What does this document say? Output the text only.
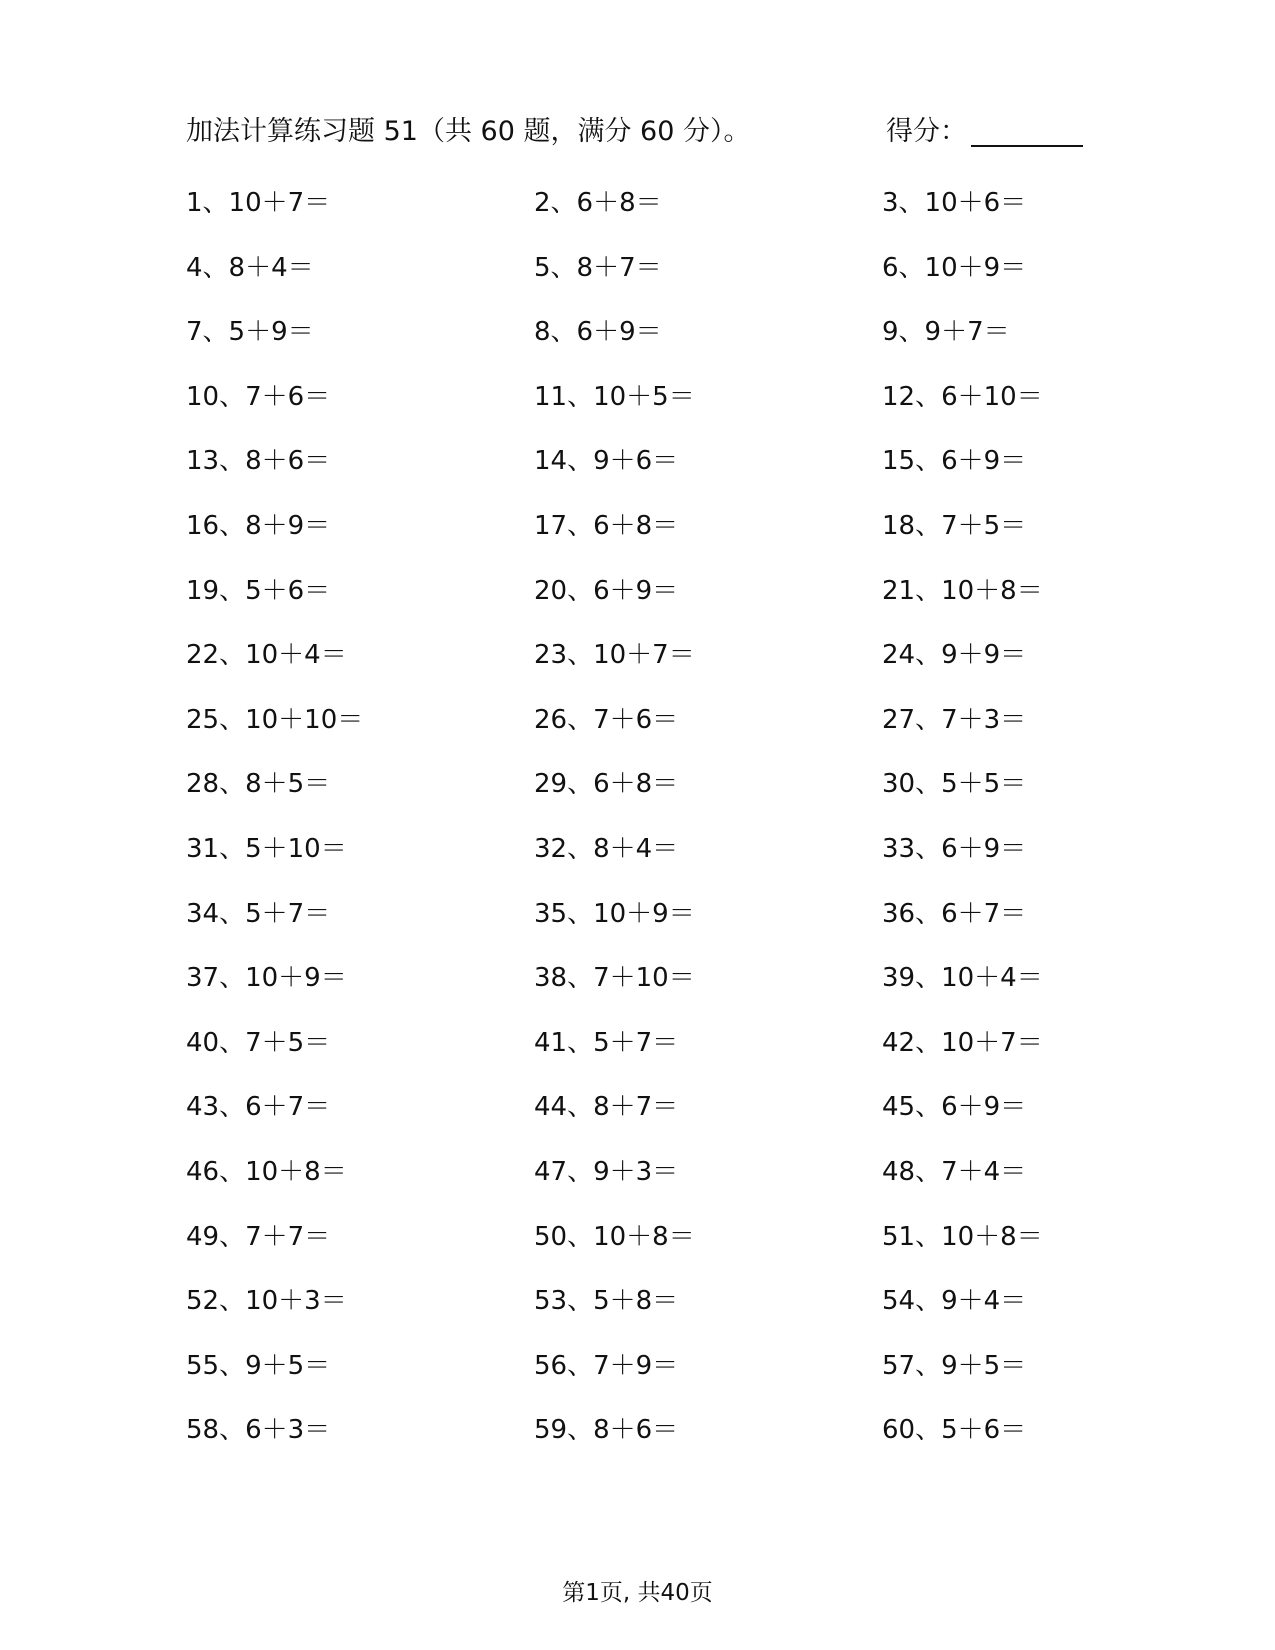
加法计算练习题 51（共 60 题，满分 60 分）。	得分：
1、10＋7＝	2、6＋8＝	3、10＋6＝
4、8＋4＝	5、8＋7＝	6、10＋9＝
7、5＋9＝	8、6＋9＝	9、9＋7＝
10、7＋6＝	11、10＋5＝	12、6＋10＝
13、8＋6＝	14、9＋6＝	15、6＋9＝
16、8＋9＝	17、6＋8＝	18、7＋5＝
19、5＋6＝	20、6＋9＝	21、10＋8＝
22、10＋4＝	23、10＋7＝	24、9＋9＝
25、10＋10＝	26、7＋6＝	27、7＋3＝
28、8＋5＝	29、6＋8＝	30、5＋5＝
31、5＋10＝	32、8＋4＝	33、6＋9＝
34、5＋7＝	35、10＋9＝	36、6＋7＝
37、10＋9＝	38、7＋10＝	39、10＋4＝
40、7＋5＝	41、5＋7＝	42、10＋7＝
43、6＋7＝	44、8＋7＝	45、6＋9＝
46、10＋8＝	47、9＋3＝	48、7＋4＝
49、7＋7＝	50、10＋8＝	51、10＋8＝
52、10＋3＝	53、5＋8＝	54、9＋4＝
55、9＋5＝	56、7＋9＝	57、9＋5＝
58、6＋3＝	59、8＋6＝	60、5＋6＝
第1页, 共40页
